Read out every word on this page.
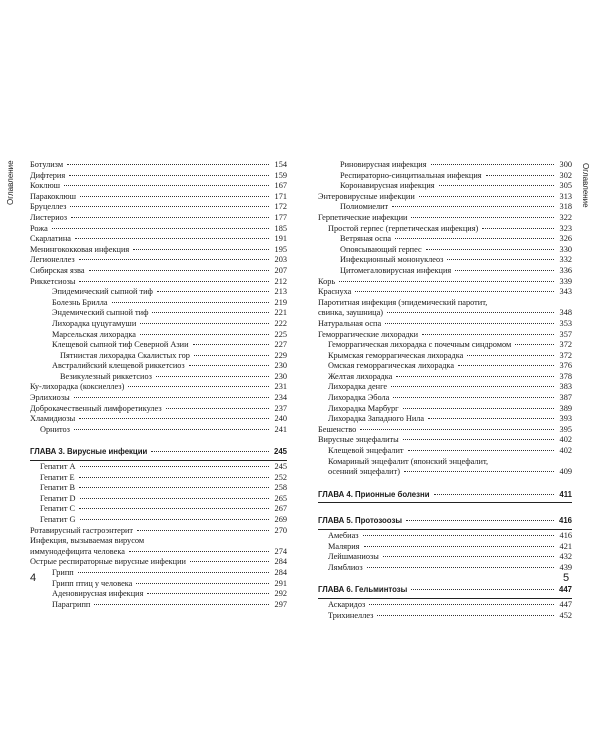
Оглавление	Оглавление
Ботулизм	154
Дифтерия	159
Коклюш	167
Паракоклюш	171
Бруцеллез	172
Листериоз	177
Рожа	185
Скарлатина	191
Менингококковая инфекция	195
Легионеллез	203
Сибирская язва	207
Риккетсиозы	212
Эпидемический сыпной тиф	213
Болезнь Брилла	219
Эндемический сыпной тиф	221
Лихорадка цуцугамуши	222
Марсельская лихорадка	225
Клещевой сыпной тиф Северной Азии	227
Пятнистая лихорадка Скалистых гор	229
Австралийский клещевой риккетсиоз	230
Везикулезный риккетсиоз	230
Ку-лихорадка (коксиеллез)	231
Эрлихиозы	234
Доброкачественный лимфоретикулез	237
Хламидиозы	240
Орнитоз	241
ГЛАВА 3. Вирусные инфекции	245
Гепатит А	245
Гепатит Е	252
Гепатит В	258
Гепатит D	265
Гепатит С	267
Гепатит G	269
Ротавирусный гастроэнтерит	270
Инфекция, вызываемая вирусом
иммунодефицита человека	274
Острые респираторные вирусные инфекции	284
Грипп	284
Грипп птиц у человека	291
Аденовирусная инфекция	292
Парагрипп	297
Риновирусная инфекция	300
Респираторно-синцитиальная инфекция	302
Коронавирусная инфекция	305
Энтеровирусные инфекции	313
Полиомиелит	318
Герпетические инфекции	322
Простой герпес (герпетическая инфекция)	323
Ветряная оспа	326
Опоясывающий герпес	330
Инфекционный мононуклеоз	332
Цитомегаловирусная инфекция	336
Корь	339
Краснуха	343
Паротитная инфекция (эпидемический паротит,
свинка, заушница)	348
Натуральная оспа	353
Геморрагические лихорадки	357
Геморрагическая лихорадка с почечным синдромом	372
Крымская геморрагическая лихорадка	372
Омская геморрагическая лихорадка	376
Желтая лихорадка	378
Лихорадка денге	383
Лихорадка Эбола	387
Лихорадка Марбург	389
Лихорадка Западного Нила	393
Бешенство	395
Вирусные энцефалиты	402
Клещевой энцефалит	402
Комариный энцефалит (японский энцефалит,
осенний энцефалит)	409
ГЛАВА 4. Прионные болезни	411
ГЛАВА 5. Протозоозы	416
Амебиаз	416
Малярия	421
Лейшманиозы	432
Лямблиоз	439
ГЛАВА 6. Гельминтозы	447
Аскаридоз	447
Трихинеллез	452
4	5
